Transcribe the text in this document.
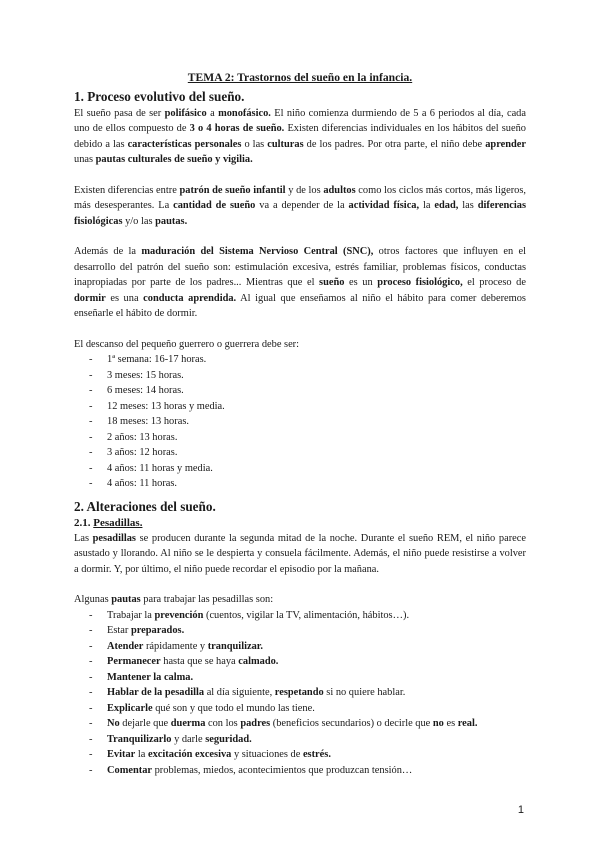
TEMA 2: Trastornos del sueño en la infancia.
1. Proceso evolutivo del sueño.

El sueño pasa de ser polifásico a monofásico. El niño comienza durmiendo de 5 a 6 periodos al día, cada uno de ellos compuesto de 3 o 4 horas de sueño. Existen diferencias individuales en los hábitos del sueño debido a las características personales o las culturas de los padres. Por otra parte, el niño debe aprender unas pautas culturales de sueño y vigilia.

Existen diferencias entre patrón de sueño infantil y de los adultos como los ciclos más cortos, más ligeros, más desesperantes. La cantidad de sueño va a depender de la actividad física, la edad, las diferencias fisiológicas y/o las pautas.

Además de la maduración del Sistema Nervioso Central (SNC), otros factores que influyen en el desarrollo del patrón del sueño son: estimulación excesiva, estrés familiar, problemas físicos, conductas inapropiadas por parte de los padres... Mientras que el sueño es un proceso fisiológico, el proceso de dormir es una conducta aprendida. Al igual que enseñamos al niño el hábito para comer deberemos enseñarle el hábito de dormir.

El descanso del pequeño guerrero o guerrera debe ser:

- 1ª semana: 16-17 horas.
- 3 meses: 15 horas.
- 6 meses: 14 horas.
- 12 meses: 13 horas y media.
- 18 meses: 13 horas.
- 2 años: 13 horas.
- 3 años: 12 horas.
- 4 años: 11 horas y media.
- 4 años: 11 horas.
2. Alteraciones del sueño.
2.1. Pesadillas.

Las pesadillas se producen durante la segunda mitad de la noche. Durante el sueño REM, el niño parece asustado y llorando. Al niño se le despierta y consuela fácilmente. Además, el niño puede resistirse a volver a dormir. Y, por último, el niño puede recordar el episodio por la mañana.

Algunas pautas para trabajar las pesadillas son:

- Trabajar la prevención (cuentos, vigilar la TV, alimentación, hábitos…).
- Estar preparados.
- Atender rápidamente y tranquilizar.
- Permanecer hasta que se haya calmado.
- Mantener la calma.
- Hablar de la pesadilla al día siguiente, respetando si no quiere hablar.
- Explicarle qué son y que todo el mundo las tiene.
- No dejarle que duerma con los padres (beneficios secundarios) o decirle que no es real.
- Tranquilizarlo y darle seguridad.
- Evitar la excitación excesiva y situaciones de estrés.
- Comentar problemas, miedos, acontecimientos que produzcan tensión…
1
